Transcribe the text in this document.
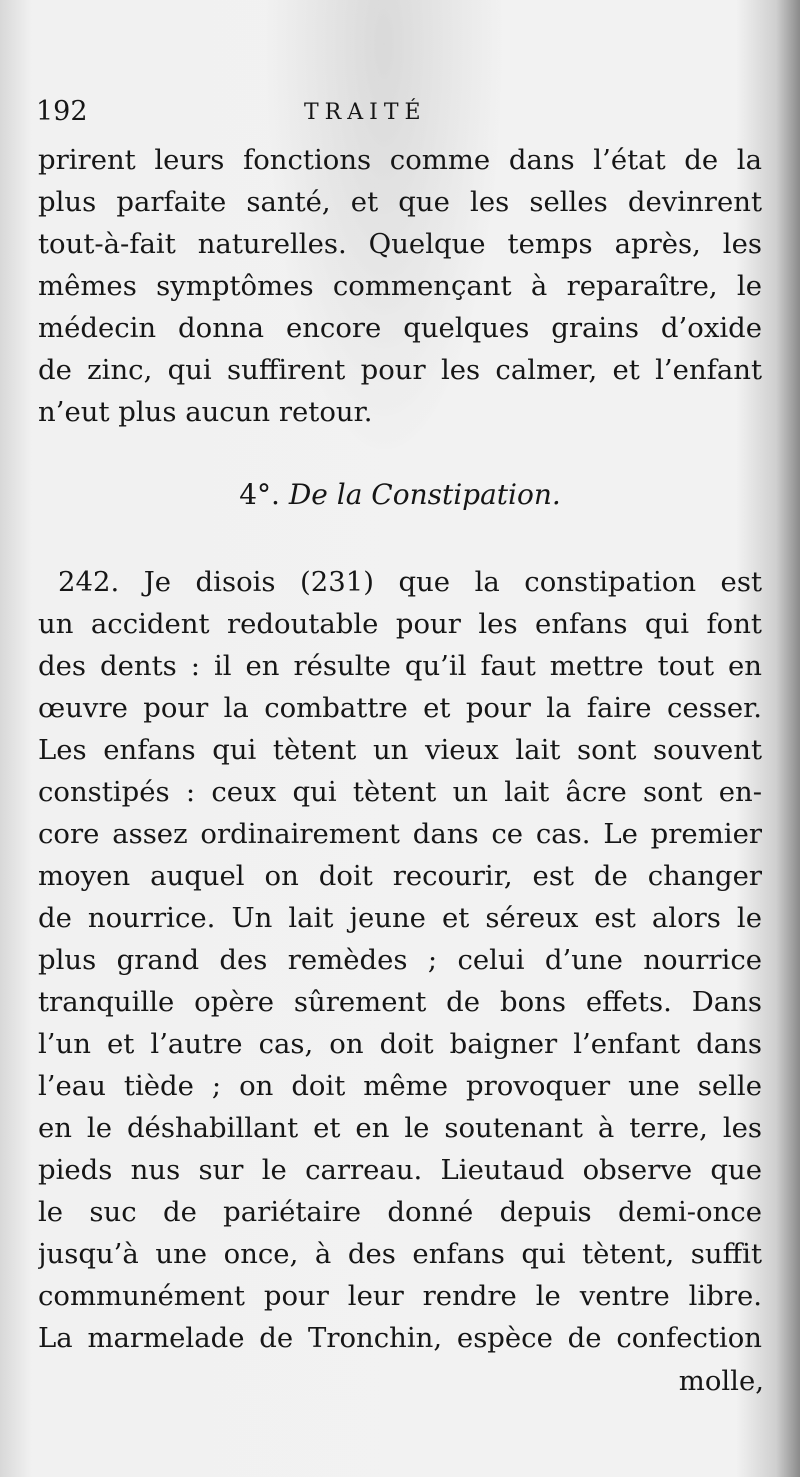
192	TRAITÉ
prirent leurs fonctions comme dans l’état de la
plus parfaite santé, et que les selles devinrent
tout-à-fait naturelles. Quelque temps après, les
mêmes symptômes commençant à reparaître, le
médecin donna encore quelques grains d’oxide
de zinc, qui suffirent pour les calmer, et l’enfant
n’eut plus aucun retour.
4°. De la Constipation.
242. Je disois (231) que la constipation est
un accident redoutable pour les enfans qui font
des dents : il en résulte qu’il faut mettre tout en
œuvre pour la combattre et pour la faire cesser.
Les enfans qui tètent un vieux lait sont souvent
constipés : ceux qui tètent un lait âcre sont en-
core assez ordinairement dans ce cas. Le premier
moyen auquel on doit recourir, est de changer
de nourrice. Un lait jeune et séreux est alors le
plus grand des remèdes ; celui d’une nourrice
tranquille opère sûrement de bons effets. Dans
l’un et l’autre cas, on doit baigner l’enfant dans
l’eau tiède ; on doit même provoquer une selle
en le déshabillant et en le soutenant à terre, les
pieds nus sur le carreau. Lieutaud observe que
le suc de pariétaire donné depuis demi-once
jusqu’à une once, à des enfans qui tètent, suffit
communément pour leur rendre le ventre libre.
La marmelade de Tronchin, espèce de confection
molle,
